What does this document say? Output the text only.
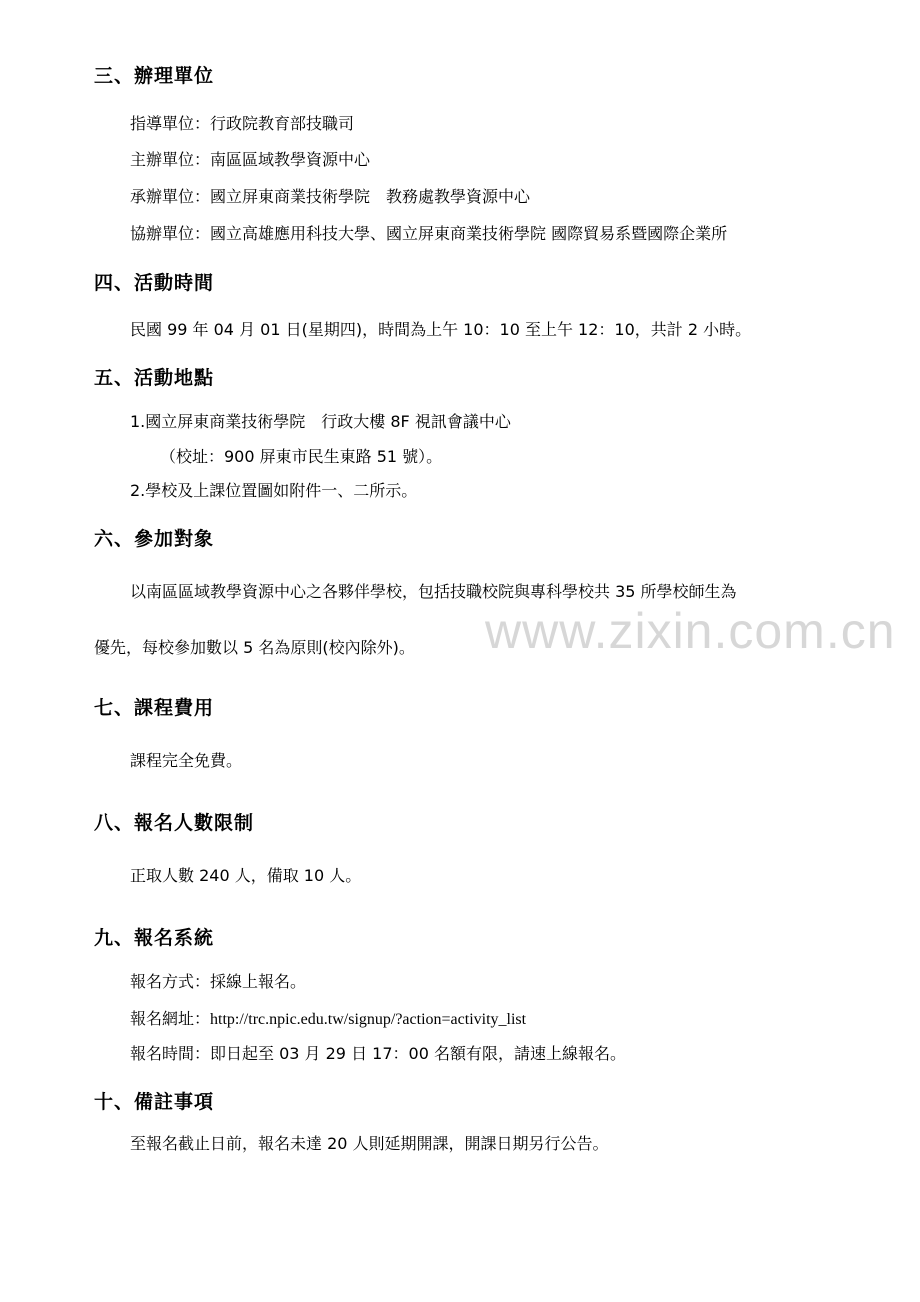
三、辦理單位
指導單位：行政院教育部技職司
主辦單位：南區區域教學資源中心
承辦單位：國立屏東商業技術學院　教務處教學資源中心
協辦單位：國立高雄應用科技大學、國立屏東商業技術學院 國際貿易系暨國際企業所
四、活動時間
民國 99 年 04 月 01 日(星期四)，時間為上午 10：10 至上午 12：10，共計 2 小時。
五、活動地點
1.國立屏東商業技術學院　行政大樓 8F 視訊會議中心
（校址：900 屏東市民生東路 51 號）。
2.學校及上課位置圖如附件一、二所示。
六、參加對象
以南區區域教學資源中心之各夥伴學校，包括技職校院與專科學校共 35 所學校師生為
優先，每校參加數以 5 名為原則(校內除外)。
七、課程費用
課程完全免費。
八、報名人數限制
正取人數 240 人，備取 10 人。
九、報名系統
報名方式：採線上報名。
報名網址：http://trc.npic.edu.tw/signup/?action=activity_list
報名時間：即日起至 03 月 29 日 17：00 名額有限，請速上線報名。
十、備註事項
至報名截止日前，報名未達 20 人則延期開課，開課日期另行公告。
www.zixin.com.cn
